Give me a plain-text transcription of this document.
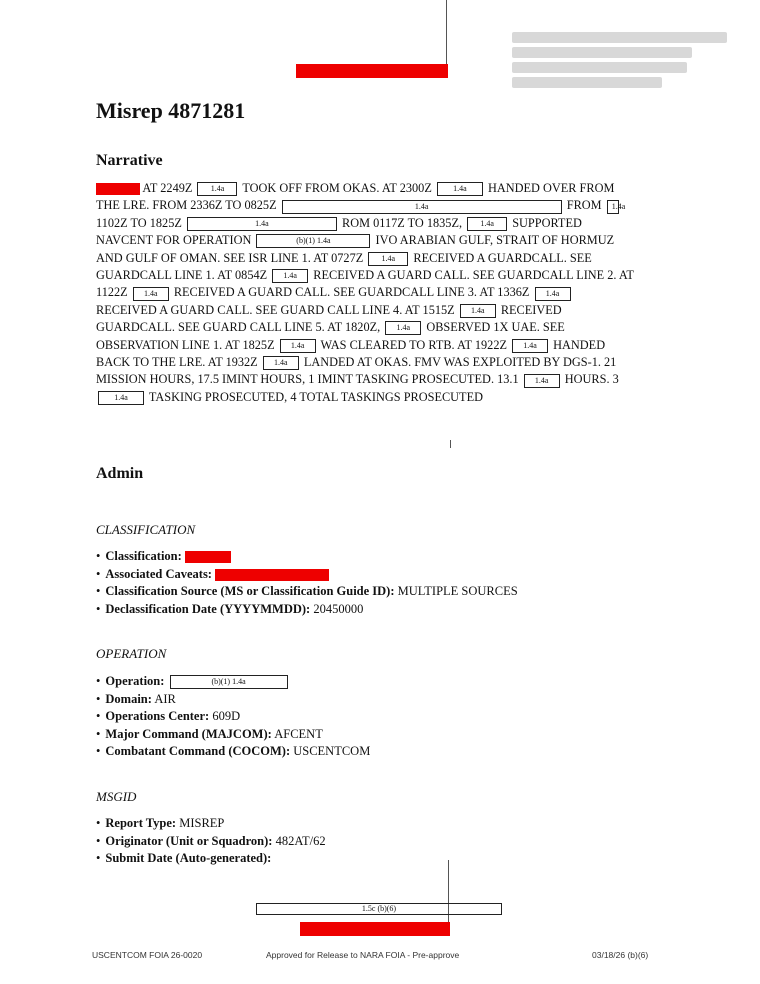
Misrep 4871281
Narrative
AT 2249Z 1.4a TOOK OFF FROM OKAS. AT 2300Z	1.4a HANDED OVER FROM THE LRE. FROM 2336Z TO 0825Z	1.4a	FROM 1.4a 1102Z TO 1825Z	1.4a	ROM 0117Z TO 1835Z, 1.4a SUPPORTED NAVCENT FOR OPERATION	(b)(1) 1.4a	IVO ARABIAN GULF, STRAIT OF HORMUZ AND GULF OF OMAN. SEE ISR LINE 1. AT 0727Z 1.4a RECEIVED A GUARDCALL. SEE GUARDCALL LINE 1. AT 0854Z 1.4a RECEIVED A GUARD CALL. SEE GUARDCALL LINE 2. AT 1122Z 1.4a RECEIVED A GUARD CALL. SEE GUARDCALL LINE 3. AT 1336Z 1.4a RECEIVED A GUARD CALL. SEE GUARD CALL LINE 4. AT 1515Z 1.4a RECEIVED GUARDCALL. SEE GUARD CALL LINE 5. AT 1820Z, 1.4a OBSERVED 1X UAE. SEE OBSERVATION LINE 1. AT 1825Z 1.4a WAS CLEARED TO RTB. AT 1922Z 1.4a HANDED BACK TO THE LRE. AT 1932Z 1.4a LANDED AT OKAS. FMV WAS EXPLOITED BY DGS-1. 21 MISSION HOURS, 17.5 IMINT HOURS, 1 IMINT TASKING PROSECUTED. 13.1 1.4a HOURS. 3 1.4a TASKING PROSECUTED, 4 TOTAL TASKINGS PROSECUTED
Admin
CLASSIFICATION
• Classification:
• Associated Caveats:
• Classification Source (MS or Classification Guide ID): MULTIPLE SOURCES
• Declassification Date (YYYYMMDD): 20450000
OPERATION
• Operation:	(b)(1) 1.4a
• Domain: AIR
• Operations Center: 609D
• Major Command (MAJCOM): AFCENT
• Combatant Command (COCOM): USCENTCOM
MSGID
• Report Type: MISREP
• Originator (Unit or Squadron): 482AT/62
• Submit Date (Auto-generated):
1.5c (b)(6)
USCENTCOM FOIA 26-0020	Approved for Release to NARA FOIA - Pre-approve	03/18/26 (b)(6)
